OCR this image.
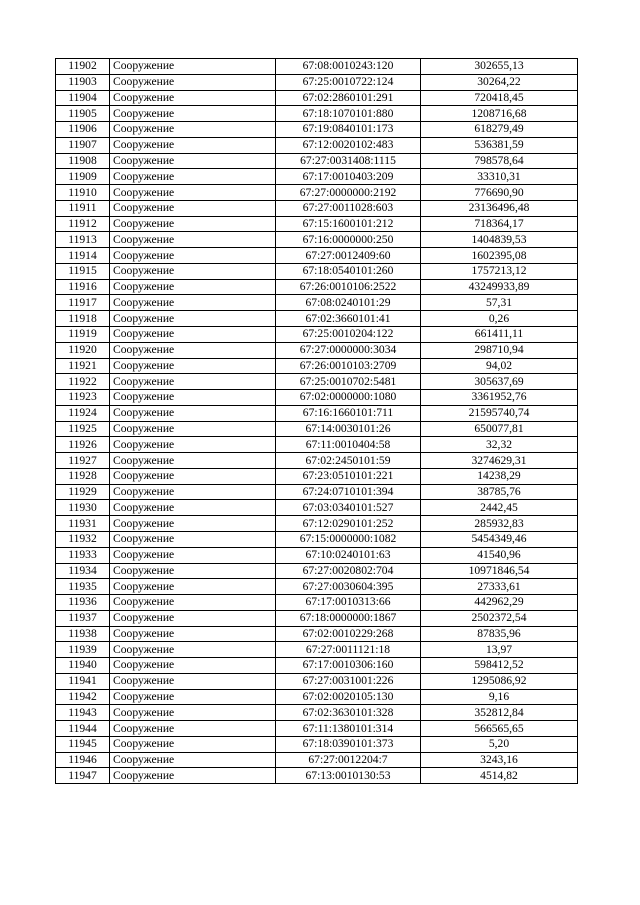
11902	Сооружение	67:08:0010243:120	302655,13
11903	Сооружение	67:25:0010722:124	30264,22
11904	Сооружение	67:02:2860101:291	720418,45
11905	Сооружение	67:18:1070101:880	1208716,68
11906	Сооружение	67:19:0840101:173	618279,49
11907	Сооружение	67:12:0020102:483	536381,59
11908	Сооружение	67:27:0031408:1115	798578,64
11909	Сооружение	67:17:0010403:209	33310,31
11910	Сооружение	67:27:0000000:2192	776690,90
11911	Сооружение	67:27:0011028:603	23136496,48
11912	Сооружение	67:15:1600101:212	718364,17
11913	Сооружение	67:16:0000000:250	1404839,53
11914	Сооружение	67:27:0012409:60	1602395,08
11915	Сооружение	67:18:0540101:260	1757213,12
11916	Сооружение	67:26:0010106:2522	43249933,89
11917	Сооружение	67:08:0240101:29	57,31
11918	Сооружение	67:02:3660101:41	0,26
11919	Сооружение	67:25:0010204:122	661411,11
11920	Сооружение	67:27:0000000:3034	298710,94
11921	Сооружение	67:26:0010103:2709	94,02
11922	Сооружение	67:25:0010702:5481	305637,69
11923	Сооружение	67:02:0000000:1080	3361952,76
11924	Сооружение	67:16:1660101:711	21595740,74
11925	Сооружение	67:14:0030101:26	650077,81
11926	Сооружение	67:11:0010404:58	32,32
11927	Сооружение	67:02:2450101:59	3274629,31
11928	Сооружение	67:23:0510101:221	14238,29
11929	Сооружение	67:24:0710101:394	38785,76
11930	Сооружение	67:03:0340101:527	2442,45
11931	Сооружение	67:12:0290101:252	285932,83
11932	Сооружение	67:15:0000000:1082	5454349,46
11933	Сооружение	67:10:0240101:63	41540,96
11934	Сооружение	67:27:0020802:704	10971846,54
11935	Сооружение	67:27:0030604:395	27333,61
11936	Сооружение	67:17:0010313:66	442962,29
11937	Сооружение	67:18:0000000:1867	2502372,54
11938	Сооружение	67:02:0010229:268	87835,96
11939	Сооружение	67:27:0011121:18	13,97
11940	Сооружение	67:17:0010306:160	598412,52
11941	Сооружение	67:27:0031001:226	1295086,92
11942	Сооружение	67:02:0020105:130	9,16
11943	Сооружение	67:02:3630101:328	352812,84
11944	Сооружение	67:11:1380101:314	566565,65
11945	Сооружение	67:18:0390101:373	5,20
11946	Сооружение	67:27:0012204:7	3243,16
11947	Сооружение	67:13:0010130:53	4514,82
